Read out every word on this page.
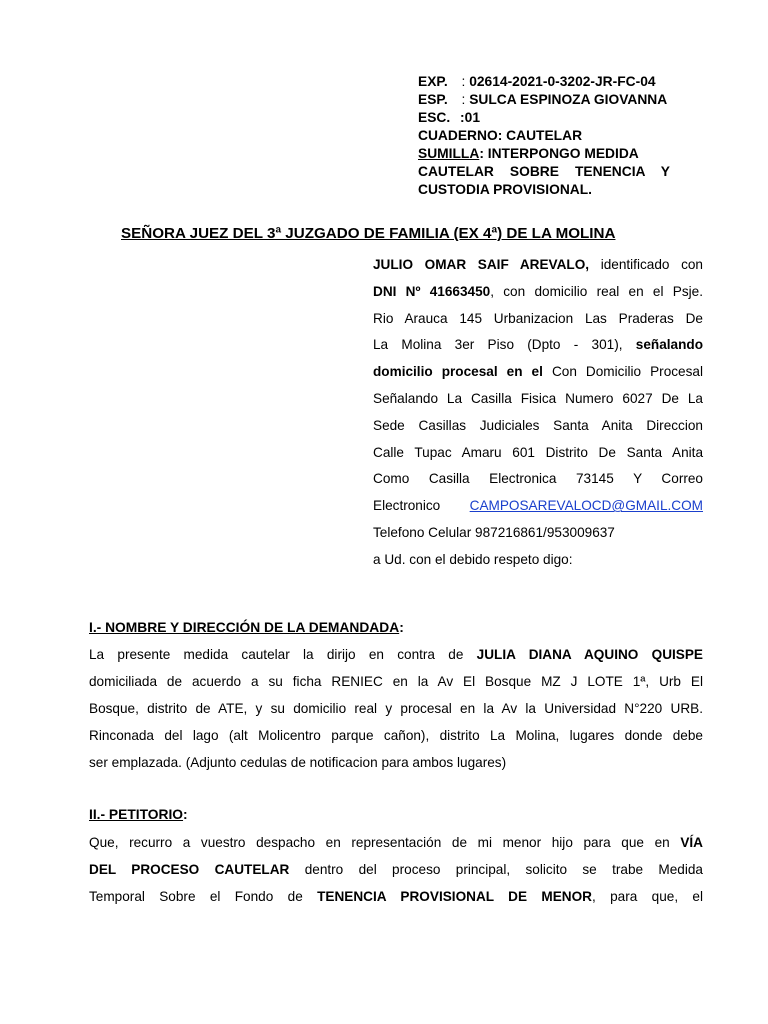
EXP. : 02614-2021-0-3202-JR-FC-04
ESP. : SULCA ESPINOZA GIOVANNA
ESC. :01
CUADERNO: CAUTELAR
SUMILLA: INTERPONGO MEDIDA
CAUTELAR SOBRE TENENCIA Y
CUSTODIA PROVISIONAL.
SEÑORA JUEZ DEL 3ª JUZGADO DE FAMILIA (EX 4ª) DE LA MOLINA
JULIO OMAR SAIF AREVALO, identificado con
DNI Nº 41663450, con domicilio real en el Psje.
Rio Arauca 145 Urbanizacion Las Praderas De
La Molina 3er Piso (Dpto - 301), señalando
domicilio procesal en el Con Domicilio Procesal
Señalando La Casilla Fisica Numero 6027 De La
Sede Casillas Judiciales Santa Anita Direccion
Calle Tupac Amaru 601 Distrito De Santa Anita
Como Casilla Electronica 73145 Y Correo
Electronico CAMPOSAREVALOCD@GMAIL.COM
Telefono Celular 987216861/953009637
a Ud. con el debido respeto digo:
I.- NOMBRE Y DIRECCIÓN DE LA DEMANDADA:
La presente medida cautelar la dirijo en contra de JULIA DIANA AQUINO QUISPE
domiciliada de acuerdo a su ficha RENIEC en la Av El Bosque MZ J LOTE 1ª, Urb El
Bosque, distrito de ATE, y su domicilio real y procesal en la Av la Universidad N°220 URB.
Rinconada del lago (alt Molicentro parque cañon), distrito La Molina, lugares donde debe
ser emplazada. (Adjunto cedulas de notificacion para ambos lugares)
II.- PETITORIO:
Que, recurro a vuestro despacho en representación de mi menor hijo para que en VÍA
DEL PROCESO CAUTELAR dentro del proceso principal, solicito se trabe Medida
Temporal Sobre el Fondo de TENENCIA PROVISIONAL DE MENOR, para que, el
